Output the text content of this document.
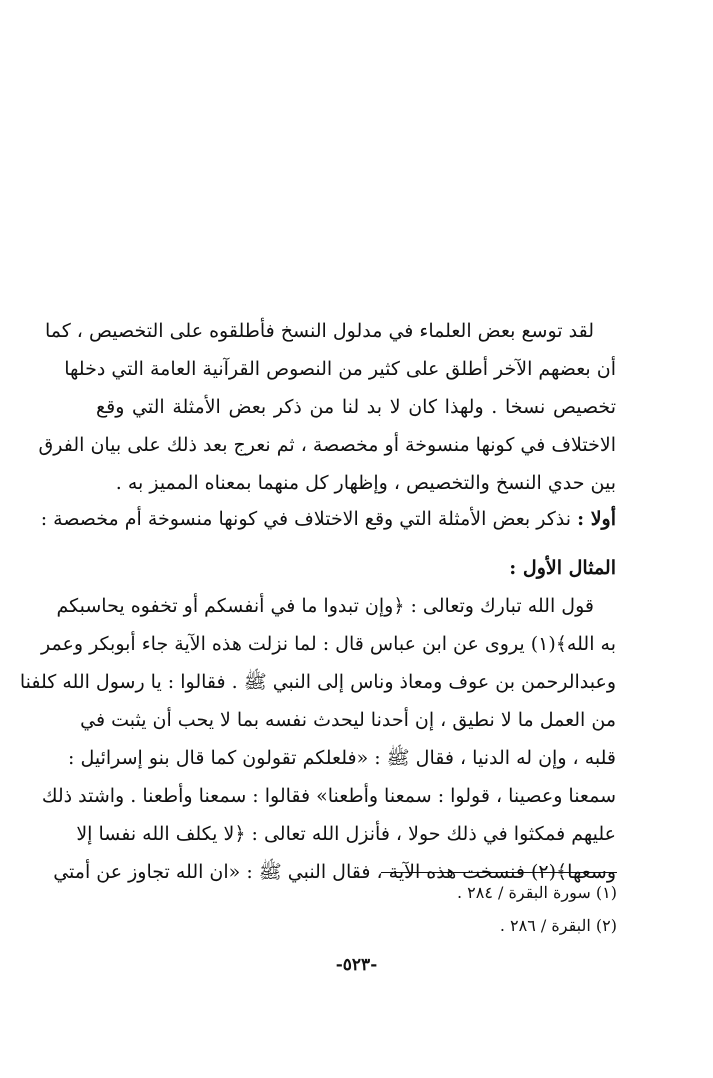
لقد توسع بعض العلماء في مدلول النسخ فأطلقوه على التخصيص ، كما
أن بعضهم الآخر أطلق على كثير من النصوص القرآنية العامة التي دخلها
تخصيص نسخا . ولهذا كان لا بد لنا من ذكر بعض الأمثلة التي وقع
الاختلاف في كونها منسوخة أو مخصصة ، ثم نعرج بعد ذلك على بيان الفرق
بين حدي النسخ والتخصيص ، وإظهار كل منهما بمعناه المميز به .
أولا : نذكر بعض الأمثلة التي وقع الاختلاف في كونها منسوخة أم مخصصة :
المثال الأول :
قول الله تبارك وتعالى : ﴿وإن تبدوا ما في أنفسكم أو تخفوه يحاسبكم
به الله﴾(١) يروى عن ابن عباس قال : لما نزلت هذه الآية جاء أبوبكر وعمر
وعبدالرحمن بن عوف ومعاذ وناس إلى النبي ﷺ . فقالوا : يا رسول الله كلفنا
من العمل ما لا نطيق ، إن أحدنا ليحدث نفسه بما لا يحب أن يثبت في
قلبه ، وإن له الدنيا ، فقال ﷺ : «فلعلكم تقولون كما قال بنو إسرائيل :
سمعنا وعصينا ، قولوا : سمعنا وأطعنا» فقالوا : سمعنا وأطعنا . واشتد ذلك
عليهم فمكثوا في ذلك حولا ، فأنزل الله تعالى : ﴿لا يكلف الله نفسا إلا
وسعها﴾(٢) فنسخت هذه الآية ، فقال النبي ﷺ : «ان الله تجاوز عن أمتي
(١) سورة البقرة / ٢٨٤ .
(٢) البقرة / ٢٨٦ .
-٥٢٣-
